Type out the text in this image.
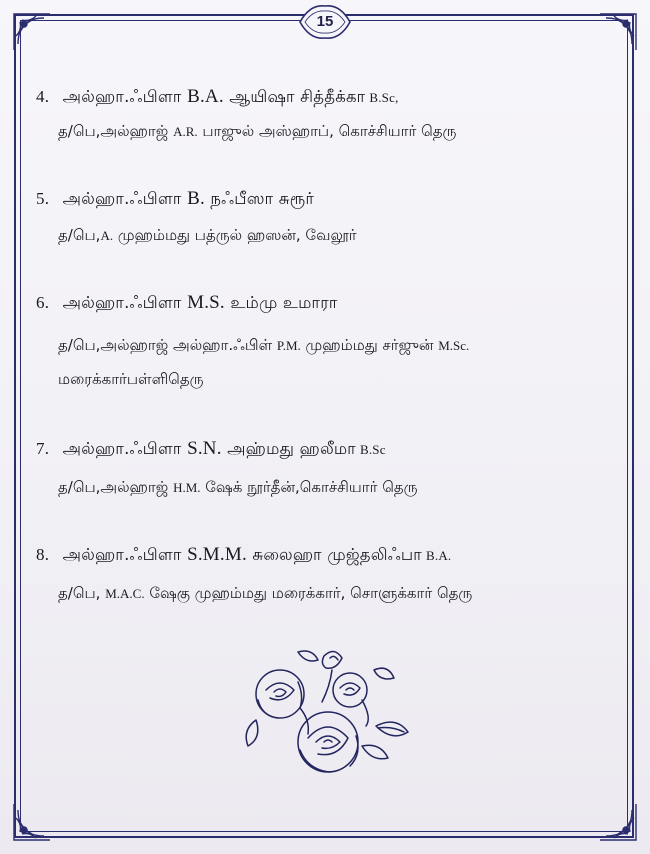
15
4. அல்ஹா.ஃபிளா B.A. ஆயிஷா சித்தீக்கா B.Sc,
த/பெ,அல்ஹாஜ் A.R. பாஜுல் அஸ்ஹாப், கொச்சியார் தெரு
5. அல்ஹா.ஃபிளா B. நஃபீஸா சுரூர்
த/பெ,A. முஹம்மது பத்ருல் ஹஸன், வேலூர்
6. அல்ஹா.ஃபிளா M.S. உம்மு உமாரா
த/பெ,அல்ஹாஜ் அல்ஹா.ஃபிள் P.M. முஹம்மது சர்ஜுன் M.Sc.
மரைக்கார்பள்ளிதெரு
7. அல்ஹா.ஃபிளா S.N. அஹ்மது ஹலீமா B.Sc
த/பெ,அல்ஹாஜ் H.M. ஷேக் நூர்தீன்,கொச்சியார் தெரு
8. அல்ஹா.ஃபிளா S.M.M. சுலைஹா முஜ்தலிஃபா B.A.
த/பெ, M.A.C. ஷேகு முஹம்மது மரைக்கார், சொளுக்கார் தெரு
